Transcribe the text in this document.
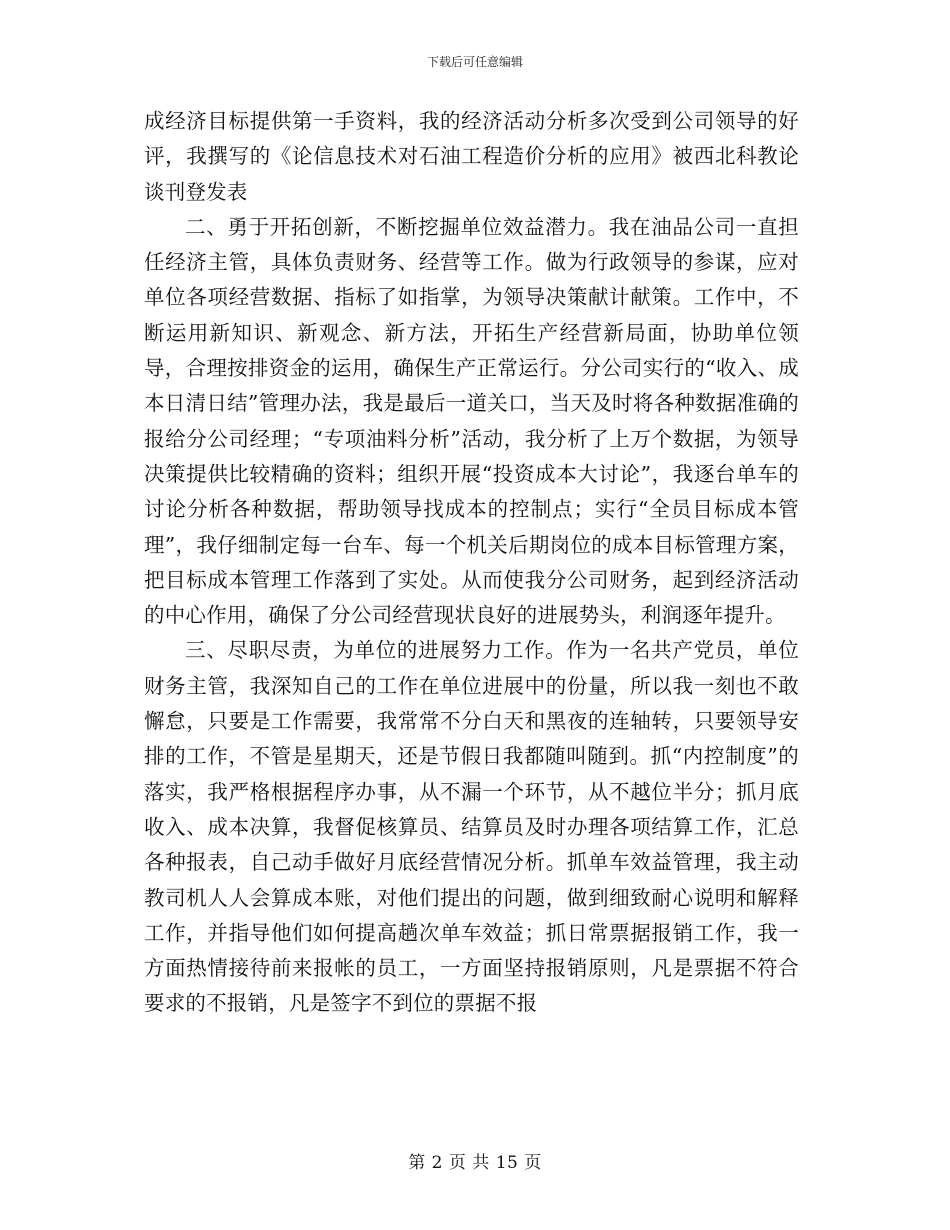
下载后可任意编辑

成经济目标提供第一手资料，我的经济活动分析多次受到公司领导的好评，我撰写的《论信息技术对石油工程造价分析的应用》被西北科教论谈刊登发表

二、勇于开拓创新，不断挖掘单位效益潜力。我在油品公司一直担任经济主管，具体负责财务、经营等工作。做为行政领导的参谋，应对单位各项经营数据、指标了如指掌，为领导决策献计献策。工作中，不断运用新知识、新观念、新方法，开拓生产经营新局面，协助单位领导，合理按排资金的运用，确保生产正常运行。分公司实行的“收入、成本日清日结”管理办法，我是最后一道关口，当天及时将各种数据准确的报给分公司经理；“专项油料分析”活动，我分析了上万个数据，为领导决策提供比较精确的资料；组织开展“投资成本大讨论”，我逐台单车的讨论分析各种数据，帮助领导找成本的控制点；实行“全员目标成本管理”，我仔细制定每一台车、每一个机关后期岗位的成本目标管理方案，把目标成本管理工作落到了实处。从而使我分公司财务，起到经济活动的中心作用，确保了分公司经营现状良好的进展势头，利润逐年提升。

三、尽职尽责，为单位的进展努力工作。作为一名共产党员，单位财务主管，我深知自己的工作在单位进展中的份量，所以我一刻也不敢懈怠，只要是工作需要，我常常不分白天和黑夜的连轴转，只要领导安排的工作，不管是星期天，还是节假日我都随叫随到。抓“内控制度”的落实，我严格根据程序办事，从不漏一个环节，从不越位半分；抓月底收入、成本决算，我督促核算员、结算员及时办理各项结算工作，汇总各种报表，自己动手做好月底经营情况分析。抓单车效益管理，我主动教司机人人会算成本账，对他们提出的问题，做到细致耐心说明和解释工作，并指导他们如何提高趟次单车效益；抓日常票据报销工作，我一方面热情接待前来报帐的员工，一方面坚持报销原则，凡是票据不符合要求的不报销，凡是签字不到位的票据不报

第 2 页 共 15 页
